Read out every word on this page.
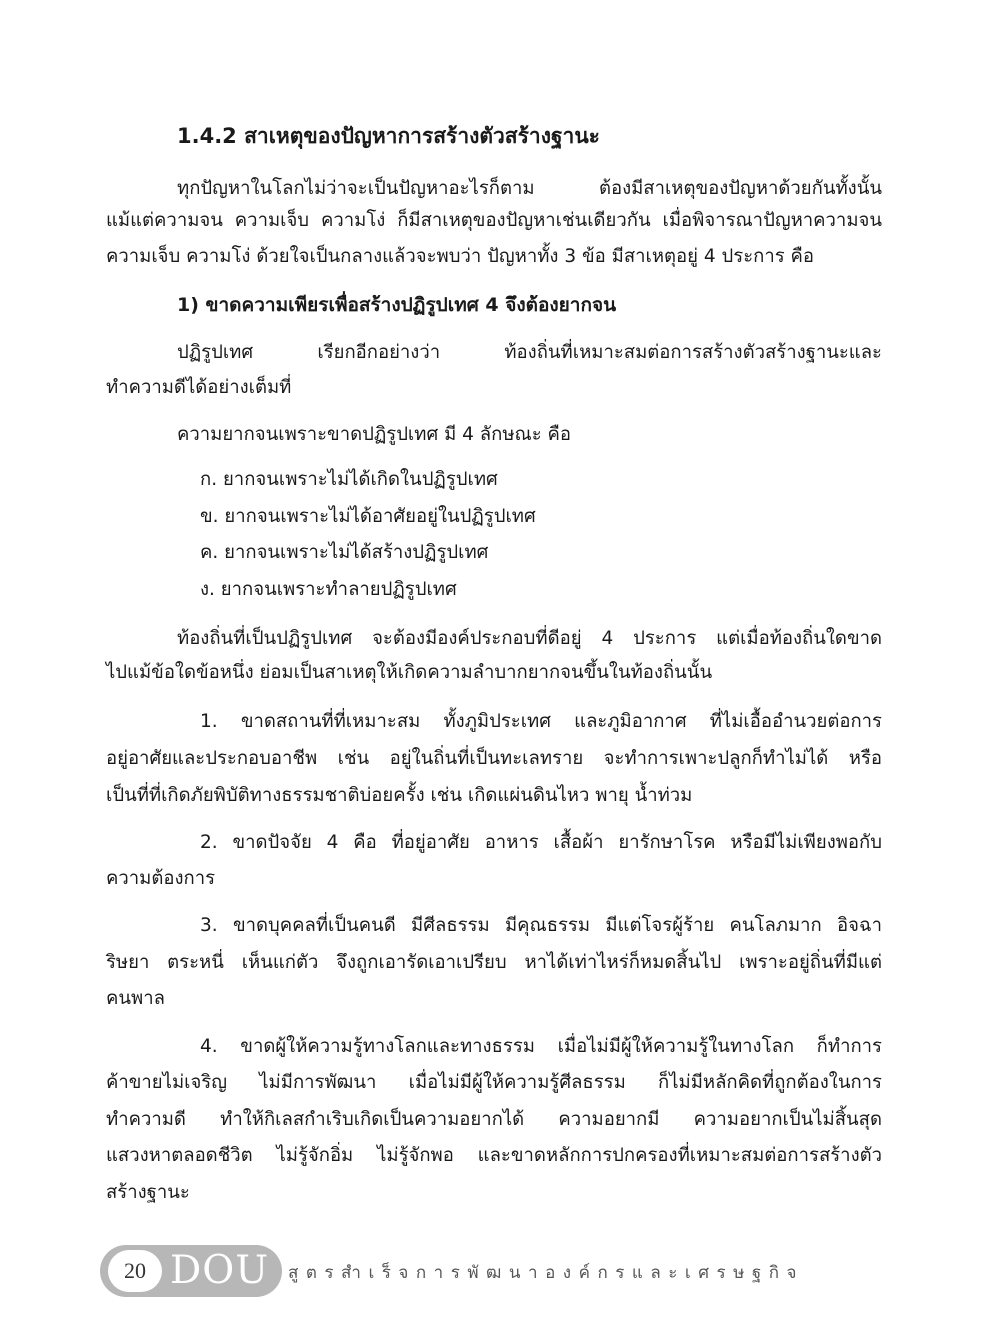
1.4.2 สาเหตุของปัญหาการสร้างตัวสร้างฐานะ
ทุกปัญหาในโลกไม่ว่าจะเป็นปัญหาอะไรก็ตาม ต้องมีสาเหตุของปัญหาด้วยกันทั้งนั้น
แม้แต่ความจน ความเจ็บ ความโง่ ก็มีสาเหตุของปัญหาเช่นเดียวกัน เมื่อพิจารณาปัญหาความจน
ความเจ็บ ความโง่ ด้วยใจเป็นกลางแล้วจะพบว่า ปัญหาทั้ง 3 ข้อ มีสาเหตุอยู่ 4 ประการ คือ
1) ขาดความเพียรเพื่อสร้างปฏิรูปเทศ 4 จึงต้องยากจน
ปฏิรูปเทศ เรียกอีกอย่างว่า ท้องถิ่นที่เหมาะสมต่อการสร้างตัวสร้างฐานะและ
ทำความดีได้อย่างเต็มที่
ความยากจนเพราะขาดปฏิรูปเทศ มี 4 ลักษณะ คือ
ก. ยากจนเพราะไม่ได้เกิดในปฏิรูปเทศ
ข. ยากจนเพราะไม่ได้อาศัยอยู่ในปฏิรูปเทศ
ค. ยากจนเพราะไม่ได้สร้างปฏิรูปเทศ
ง. ยากจนเพราะทำลายปฏิรูปเทศ
ท้องถิ่นที่เป็นปฏิรูปเทศ จะต้องมีองค์ประกอบที่ดีอยู่ 4 ประการ แต่เมื่อท้องถิ่นใดขาด
ไปแม้ข้อใดข้อหนึ่ง ย่อมเป็นสาเหตุให้เกิดความลำบากยากจนขึ้นในท้องถิ่นนั้น
1. ขาดสถานที่ที่เหมาะสม ทั้งภูมิประเทศ และภูมิอากาศ ที่ไม่เอื้ออำนวยต่อการ
อยู่อาศัยและประกอบอาชีพ เช่น อยู่ในถิ่นที่เป็นทะเลทราย จะทำการเพาะปลูกก็ทำไม่ได้ หรือ
เป็นที่ที่เกิดภัยพิบัติทางธรรมชาติบ่อยครั้ง เช่น เกิดแผ่นดินไหว พายุ น้ำท่วม
2. ขาดปัจจัย 4 คือ ที่อยู่อาศัย อาหาร เสื้อผ้า ยารักษาโรค หรือมีไม่เพียงพอกับ
ความต้องการ
3. ขาดบุคคลที่เป็นคนดี มีศีลธรรม มีคุณธรรม มีแต่โจรผู้ร้าย คนโลภมาก อิจฉา
ริษยา ตระหนี่ เห็นแก่ตัว จึงถูกเอารัดเอาเปรียบ หาได้เท่าไหร่ก็หมดสิ้นไป เพราะอยู่ถิ่นที่มีแต่
คนพาล
4. ขาดผู้ให้ความรู้ทางโลกและทางธรรม เมื่อไม่มีผู้ให้ความรู้ในทางโลก ก็ทำการ
ค้าขายไม่เจริญ ไม่มีการพัฒนา เมื่อไม่มีผู้ให้ความรู้ศีลธรรม ก็ไม่มีหลักคิดที่ถูกต้องในการ
ทำความดี ทำให้กิเลสกำเริบเกิดเป็นความอยากได้ ความอยากมี ความอยากเป็นไม่สิ้นสุด
แสวงหาตลอดชีวิต ไม่รู้จักอิ่ม ไม่รู้จักพอ และขาดหลักการปกครองที่เหมาะสมต่อการสร้างตัว
สร้างฐานะ
20 DOU สูตรสำเร็จการพัฒนาองค์กรและเศรษฐกิจ
